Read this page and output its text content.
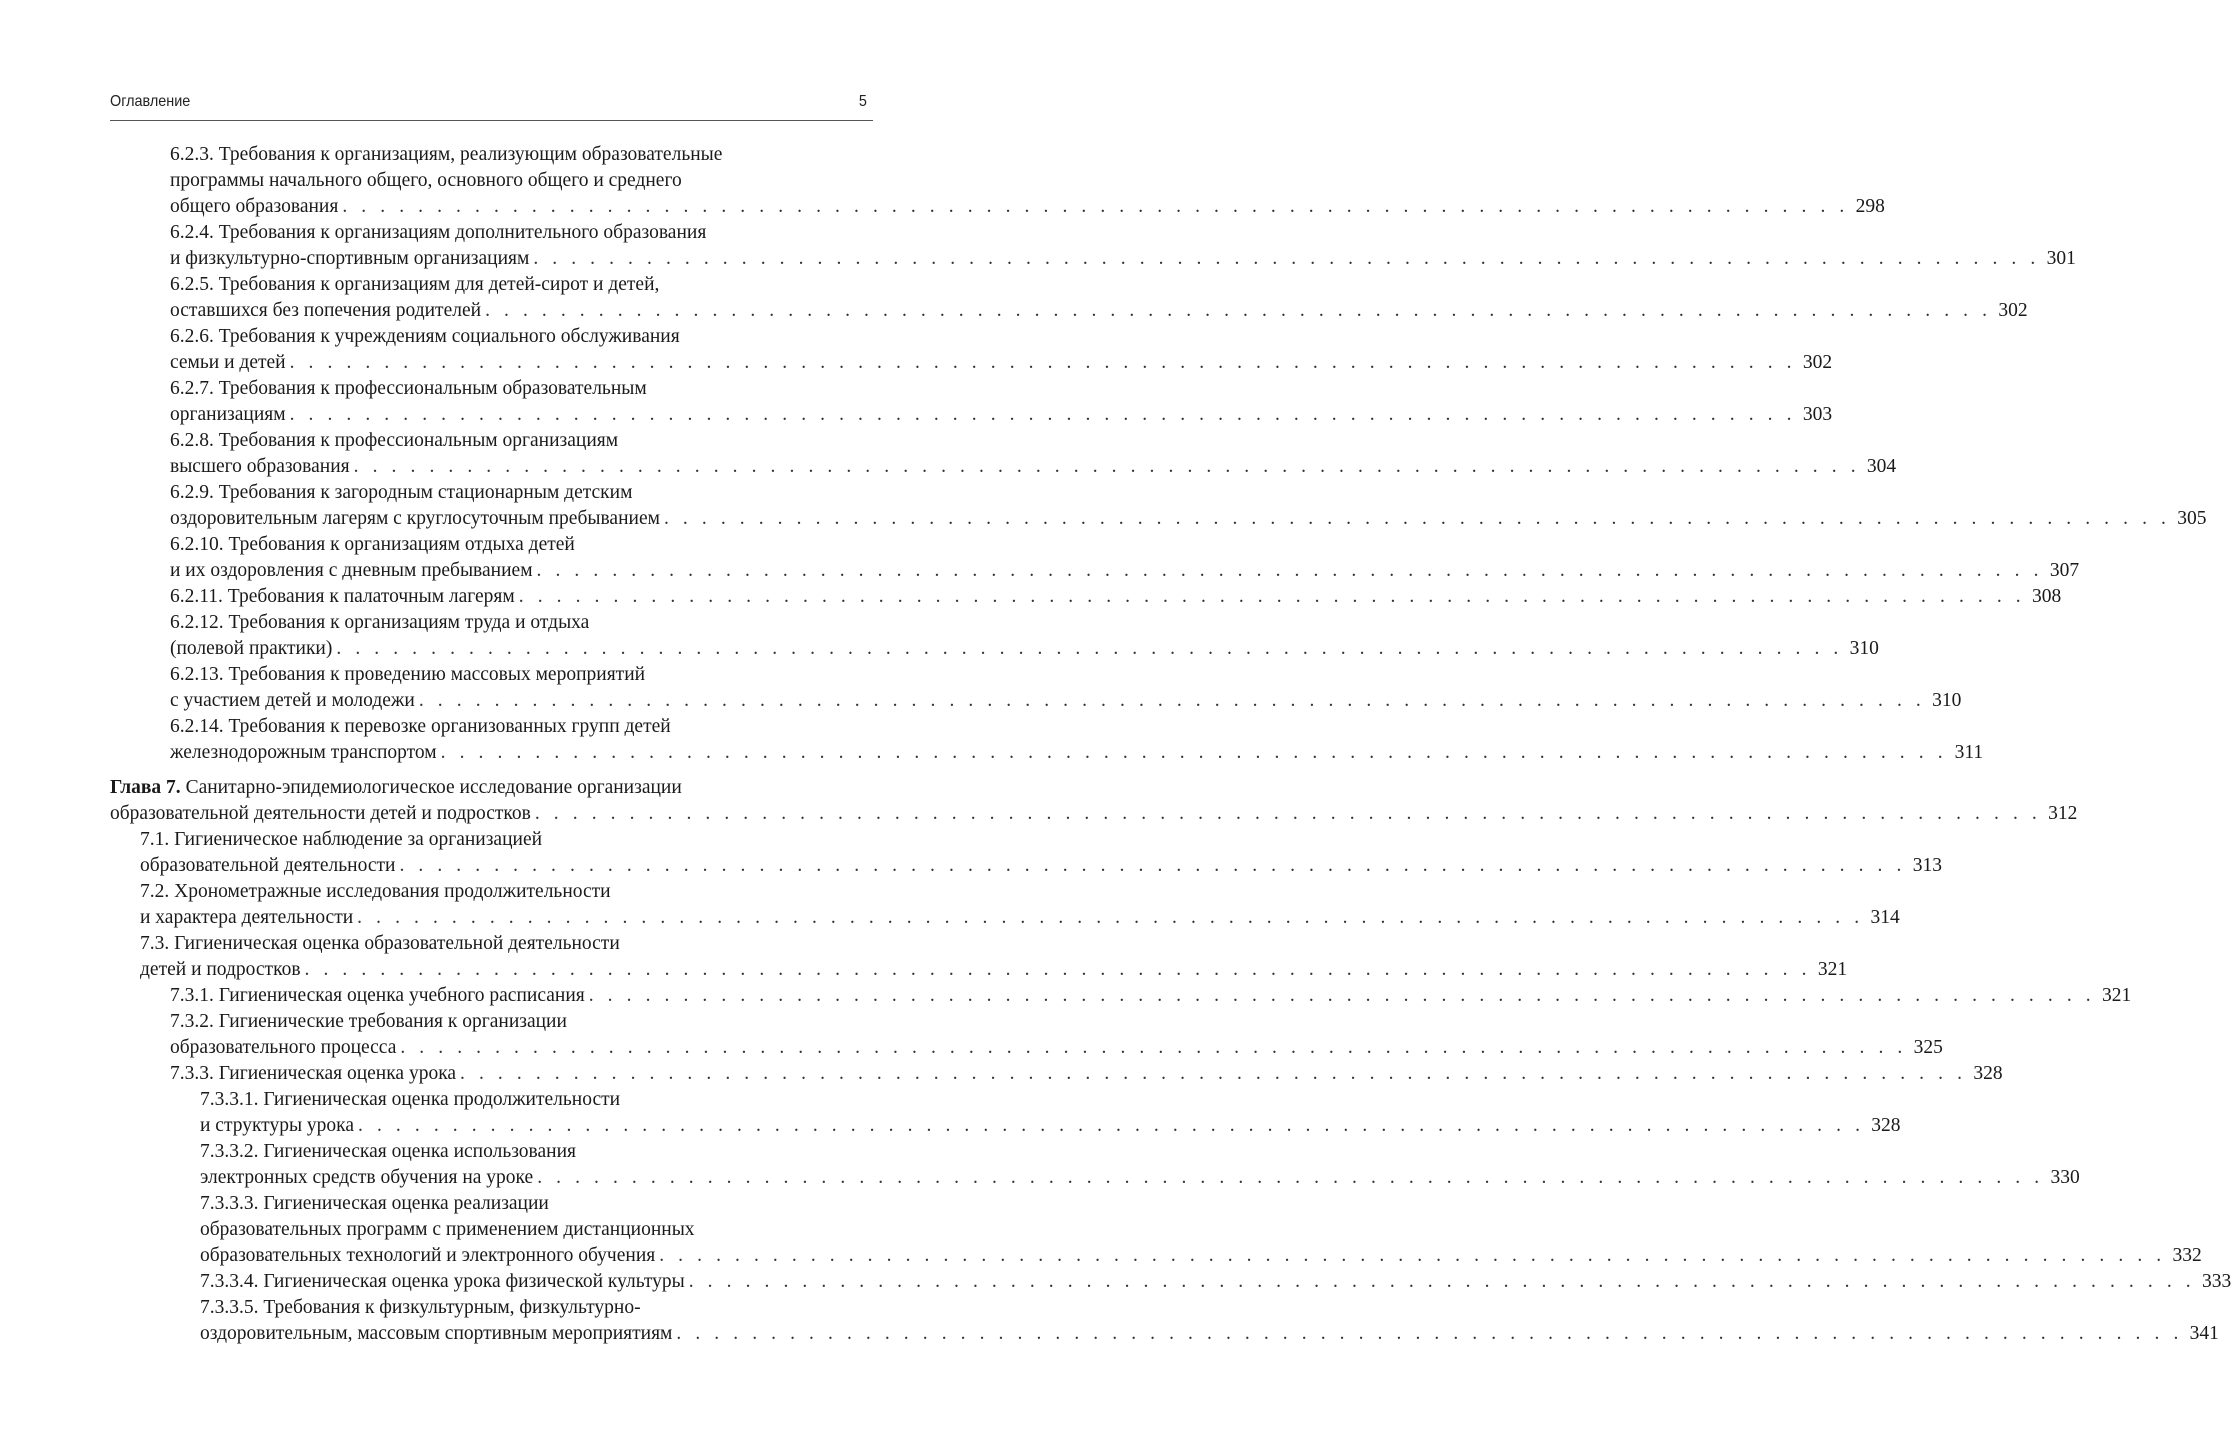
Оглавление	5
6.2.3. Требования к организациям, реализующим образовательные
программы начального общего, основного общего и среднего
общего образования . . . . . . . . . . . . . . . . . . . . . . . . . . . . . . . . . . . . . . . . . . . . . . . . . . . . . . . . . . . . . . . . . . . . . . . . . . . . . . . . 298
6.2.4. Требования к организациям дополнительного образования
и физкультурно-спортивным организациям . . . . . . . . . . . . . . . . . . . . . . . . . . . . . . . . . . . . . . . . . . . . . . . . . . . . . . . . . . . . . . . . . . . . . . . . . . . . . . . . 301
6.2.5. Требования к организациям для детей-сирот и детей,
оставшихся без попечения родителей . . . . . . . . . . . . . . . . . . . . . . . . . . . . . . . . . . . . . . . . . . . . . . . . . . . . . . . . . . . . . . . . . . . . . . . . . . . . . . . . 302
6.2.6. Требования к учреждениям социального обслуживания
семьи и детей . . . . . . . . . . . . . . . . . . . . . . . . . . . . . . . . . . . . . . . . . . . . . . . . . . . . . . . . . . . . . . . . . . . . . . . . . . . . . . . . 302
6.2.7. Требования к профессиональным образовательным
организациям . . . . . . . . . . . . . . . . . . . . . . . . . . . . . . . . . . . . . . . . . . . . . . . . . . . . . . . . . . . . . . . . . . . . . . . . . . . . . . . . 303
6.2.8. Требования к профессиональным организациям
высшего образования . . . . . . . . . . . . . . . . . . . . . . . . . . . . . . . . . . . . . . . . . . . . . . . . . . . . . . . . . . . . . . . . . . . . . . . . . . . . . . . . 304
6.2.9. Требования к загородным стационарным детским
оздоровительным лагерям с круглосуточным пребыванием . . . . . . . . . . . . . . . . . . . . . . . . . . . . . . . . . . . . . . . . . . . . . . . . . . . . . . . . . . . . . . . . . . . . . . . . . . . . . . . . 305
6.2.10. Требования к организациям отдыха детей
и их оздоровления с дневным пребыванием . . . . . . . . . . . . . . . . . . . . . . . . . . . . . . . . . . . . . . . . . . . . . . . . . . . . . . . . . . . . . . . . . . . . . . . . . . . . . . . . 307
6.2.11. Требования к палаточным лагерям . . . . . . . . . . . . . . . . . . . . . . . . . . . . . . . . . . . . . . . . . . . . . . . . . . . . . . . . . . . . . . . . . . . . . . . . . . . . . . . . 308
6.2.12. Требования к организациям труда и отдыха
(полевой практики) . . . . . . . . . . . . . . . . . . . . . . . . . . . . . . . . . . . . . . . . . . . . . . . . . . . . . . . . . . . . . . . . . . . . . . . . . . . . . . . . 310
6.2.13. Требования к проведению массовых мероприятий
с участием детей и молодежи . . . . . . . . . . . . . . . . . . . . . . . . . . . . . . . . . . . . . . . . . . . . . . . . . . . . . . . . . . . . . . . . . . . . . . . . . . . . . . . . 310
6.2.14. Требования к перевозке организованных групп детей
железнодорожным транспортом . . . . . . . . . . . . . . . . . . . . . . . . . . . . . . . . . . . . . . . . . . . . . . . . . . . . . . . . . . . . . . . . . . . . . . . . . . . . . . . . 311
Глава 7. Санитарно-эпидемиологическое исследование организации
образовательной деятельности детей и подростков . . . . . . . . . . . . . . . . . . . . . . . . . . . . . . . . . . . . . . . . . . . . . . . . . . . . . . . . . . . . . . . . . . . . . . . . . . . . . . . . 312
7.1. Гигиеническое наблюдение за организацией
образовательной деятельности . . . . . . . . . . . . . . . . . . . . . . . . . . . . . . . . . . . . . . . . . . . . . . . . . . . . . . . . . . . . . . . . . . . . . . . . . . . . . . . . 313
7.2. Хронометражные исследования продолжительности
и характера деятельности . . . . . . . . . . . . . . . . . . . . . . . . . . . . . . . . . . . . . . . . . . . . . . . . . . . . . . . . . . . . . . . . . . . . . . . . . . . . . . . . 314
7.3. Гигиеническая оценка образовательной деятельности
детей и подростков . . . . . . . . . . . . . . . . . . . . . . . . . . . . . . . . . . . . . . . . . . . . . . . . . . . . . . . . . . . . . . . . . . . . . . . . . . . . . . . . 321
7.3.1. Гигиеническая оценка учебного расписания . . . . . . . . . . . . . . . . . . . . . . . . . . . . . . . . . . . . . . . . . . . . . . . . . . . . . . . . . . . . . . . . . . . . . . . . . . . . . . . . 321
7.3.2. Гигиенические требования к организации
образовательного процесса . . . . . . . . . . . . . . . . . . . . . . . . . . . . . . . . . . . . . . . . . . . . . . . . . . . . . . . . . . . . . . . . . . . . . . . . . . . . . . . . 325
7.3.3. Гигиеническая оценка урока . . . . . . . . . . . . . . . . . . . . . . . . . . . . . . . . . . . . . . . . . . . . . . . . . . . . . . . . . . . . . . . . . . . . . . . . . . . . . . . . 328
7.3.3.1. Гигиеническая оценка продолжительности
и структуры урока . . . . . . . . . . . . . . . . . . . . . . . . . . . . . . . . . . . . . . . . . . . . . . . . . . . . . . . . . . . . . . . . . . . . . . . . . . . . . . . . 328
7.3.3.2. Гигиеническая оценка использования
электронных средств обучения на уроке . . . . . . . . . . . . . . . . . . . . . . . . . . . . . . . . . . . . . . . . . . . . . . . . . . . . . . . . . . . . . . . . . . . . . . . . . . . . . . . . 330
7.3.3.3. Гигиеническая оценка реализации
образовательных программ с применением дистанционных
образовательных технологий и электронного обучения . . . . . . . . . . . . . . . . . . . . . . . . . . . . . . . . . . . . . . . . . . . . . . . . . . . . . . . . . . . . . . . . . . . . . . . . . . . . . . . . 332
7.3.3.4. Гигиеническая оценка урока физической культуры . . . . . . . . . . . . . . . . . . . . . . . . . . . . . . . . . . . . . . . . . . . . . . . . . . . . . . . . . . . . . . . . . . . . . . . . . . . . . . . . 333
7.3.3.5. Требования к физкультурным, физкультурно-
оздоровительным, массовым спортивным мероприятиям . . . . . . . . . . . . . . . . . . . . . . . . . . . . . . . . . . . . . . . . . . . . . . . . . . . . . . . . . . . . . . . . . . . . . . . . . . . . . . . . 341
